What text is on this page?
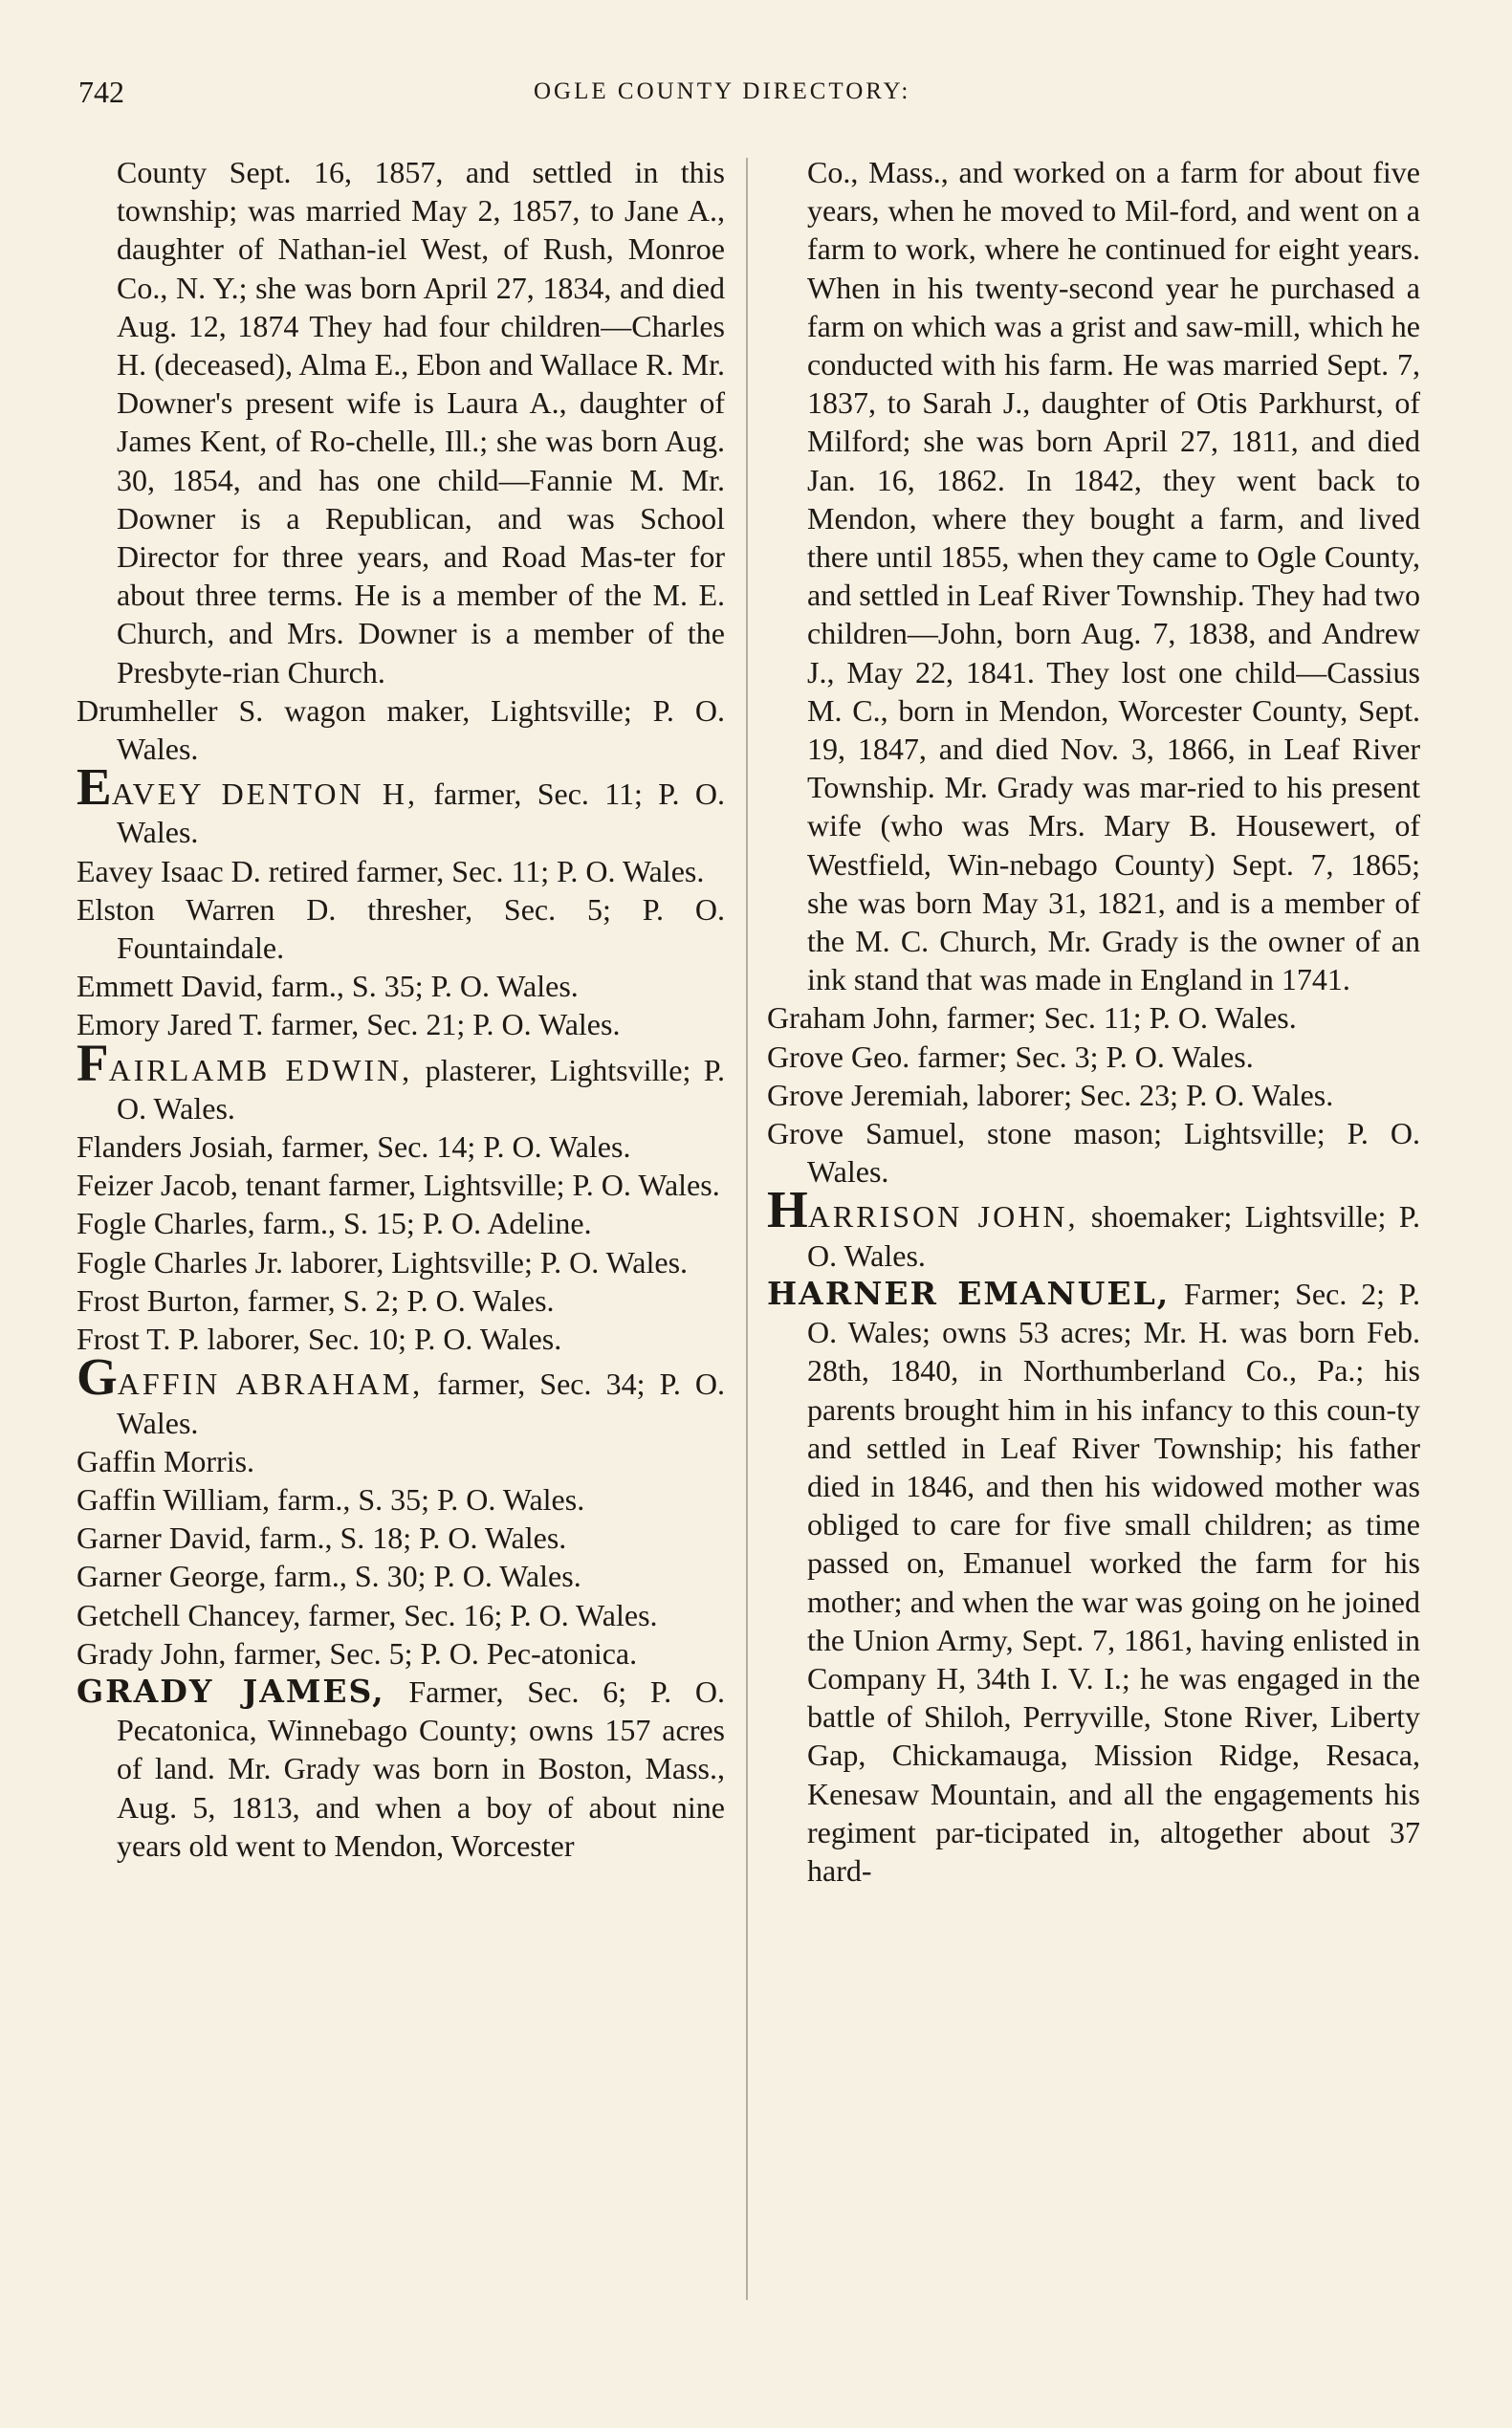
742	OGLE COUNTY DIRECTORY:

County Sept. 16, 1857, and settled in this township; was married May 2, 1857, to Jane A., daughter of Nathan-iel West, of Rush, Monroe Co., N. Y.; she was born April 27, 1834, and died Aug. 12, 1874 They had four children—Charles H. (deceased), Alma E., Ebon and Wallace R. Mr. Downer's present wife is Laura A., daughter of James Kent, of Ro-chelle, Ill.; she was born Aug. 30, 1854, and has one child—Fannie M. Mr. Downer is a Republican, and was School Director for three years, and Road Mas-ter for about three terms. He is a member of the M. E. Church, and Mrs. Downer is a member of the Presbyte-rian Church.

Drumheller S. wagon maker, Lightsville; P. O. Wales.

EAVEY DENTON H, farmer, Sec. 11; P. O. Wales.

Eavey Isaac D. retired farmer, Sec. 11; P. O. Wales.

Elston Warren D. thresher, Sec. 5; P. O. Fountaindale.

Emmett David, farm., S. 35; P. O. Wales.

Emory Jared T. farmer, Sec. 21; P. O. Wales.

FAIRLAMB EDWIN, plasterer, Lightsville; P. O. Wales.

Flanders Josiah, farmer, Sec. 14; P. O. Wales.

Feizer Jacob, tenant farmer, Lightsville; P. O. Wales.

Fogle Charles, farm., S. 15; P. O. Adeline.

Fogle Charles Jr. laborer, Lightsville; P. O. Wales.

Frost Burton, farmer, S. 2; P. O. Wales.

Frost T. P. laborer, Sec. 10; P. O. Wales.

GAFFIN ABRAHAM, farmer, Sec. 34; P. O. Wales.

Gaffin Morris.

Gaffin William, farm., S. 35; P. O. Wales.

Garner David, farm., S. 18; P. O. Wales.

Garner George, farm., S. 30; P. O. Wales.

Getchell Chancey, farmer, Sec. 16; P. O. Wales.

Grady John, farmer, Sec. 5; P. O. Pec-atonica.

GRADY JAMES, Farmer, Sec. 6; P. O. Pecatonica, Winnebago County; owns 157 acres of land. Mr. Grady was born in Boston, Mass., Aug. 5, 1813, and when a boy of about nine years old went to Mendon, Worcester

Co., Mass., and worked on a farm for about five years, when he moved to Mil-ford, and went on a farm to work, where he continued for eight years. When in his twenty-second year he purchased a farm on which was a grist and saw-mill, which he conducted with his farm. He was married Sept. 7, 1837, to Sarah J., daughter of Otis Parkhurst, of Milford; she was born April 27, 1811, and died Jan. 16, 1862. In 1842, they went back to Mendon, where they bought a farm, and lived there until 1855, when they came to Ogle County, and settled in Leaf River Township. They had two children—John, born Aug. 7, 1838, and Andrew J., May 22, 1841. They lost one child—Cassius M. C., born in Mendon, Worcester County, Sept. 19, 1847, and died Nov. 3, 1866, in Leaf River Township. Mr. Grady was mar-ried to his present wife (who was Mrs. Mary B. Housewert, of Westfield, Win-nebago County) Sept. 7, 1865; she was born May 31, 1821, and is a member of the M. C. Church, Mr. Grady is the owner of an ink stand that was made in England in 1741.

Graham John, farmer; Sec. 11; P. O. Wales.

Grove Geo. farmer; Sec. 3; P. O. Wales.

Grove Jeremiah, laborer; Sec. 23; P. O. Wales.

Grove Samuel, stone mason; Lightsville; P. O. Wales.

HARRISON JOHN, shoemaker; Lightsville; P. O. Wales.

HARNER EMANUEL, Farmer; Sec. 2; P. O. Wales; owns 53 acres; Mr. H. was born Feb. 28th, 1840, in Northumberland Co., Pa.; his parents brought him in his infancy to this coun-ty and settled in Leaf River Township; his father died in 1846, and then his widowed mother was obliged to care for five small children; as time passed on, Emanuel worked the farm for his mother; and when the war was going on he joined the Union Army, Sept. 7, 1861, having enlisted in Company H, 34th I. V. I.; he was engaged in the battle of Shiloh, Perryville, Stone River, Liberty Gap, Chickamauga, Mission Ridge, Resaca, Kenesaw Mountain, and all the engagements his regiment par-ticipated in, altogether about 37 hard-
